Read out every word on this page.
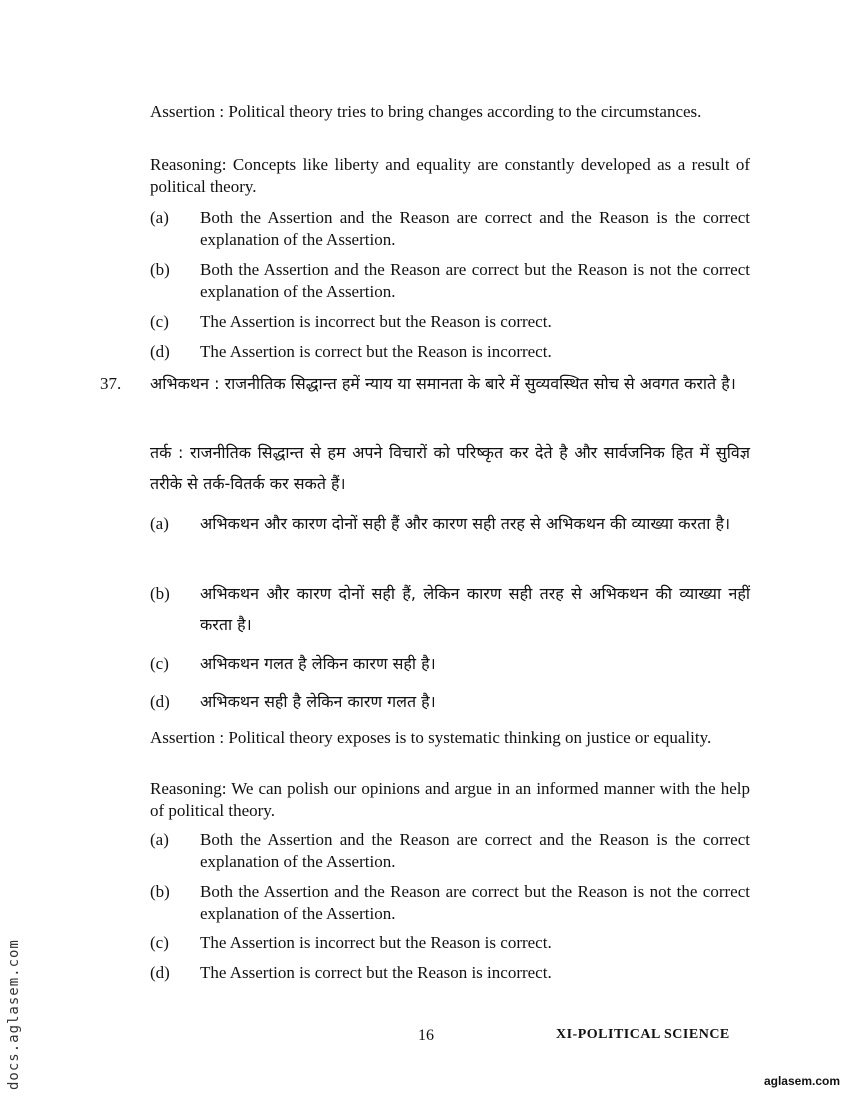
Assertion : Political theory tries to bring changes according to the circumstances.

Reasoning: Concepts like liberty and equality are constantly developed as a result of political theory.

(a) Both the Assertion and the Reason are correct and the Reason is the correct explanation of the Assertion.
(b) Both the Assertion and the Reason are correct but the Reason is not the correct explanation of the Assertion.
(c) The Assertion is incorrect but the Reason is correct.
(d) The Assertion is correct but the Reason is incorrect.
37. अभिकथन : राजनीतिक सिद्धान्त हमें न्याय या समानता के बारे में सुव्यवस्थित सोच से अवगत कराते है।

तर्क : राजनीतिक सिद्धान्त से हम अपने विचारों को परिष्कृत कर देते है और सार्वजनिक हित में सुविज्ञ तरीके से तर्क-वितर्क कर सकते हैं।

(a) अभिकथन और कारण दोनों सही हैं और कारण सही तरह से अभिकथन की व्याख्या करता है।
(b) अभिकथन और कारण दोनों सही हैं, लेकिन कारण सही तरह से अभिकथन की व्याख्या नहीं करता है।
(c) अभिकथन गलत है लेकिन कारण सही है।
(d) अभिकथन सही है लेकिन कारण गलत है।

Assertion : Political theory exposes is to systematic thinking on justice or equality.

Reasoning: We can polish our opinions and argue in an informed manner with the help of political theory.

(a) Both the Assertion and the Reason are correct and the Reason is the correct explanation of the Assertion.
(b) Both the Assertion and the Reason are correct but the Reason is not the correct explanation of the Assertion.
(c) The Assertion is incorrect but the Reason is correct.
(d) The Assertion is correct but the Reason is incorrect.
16	XI-POLITICAL SCIENCE
docs.aglasem.com	aglasem.com
